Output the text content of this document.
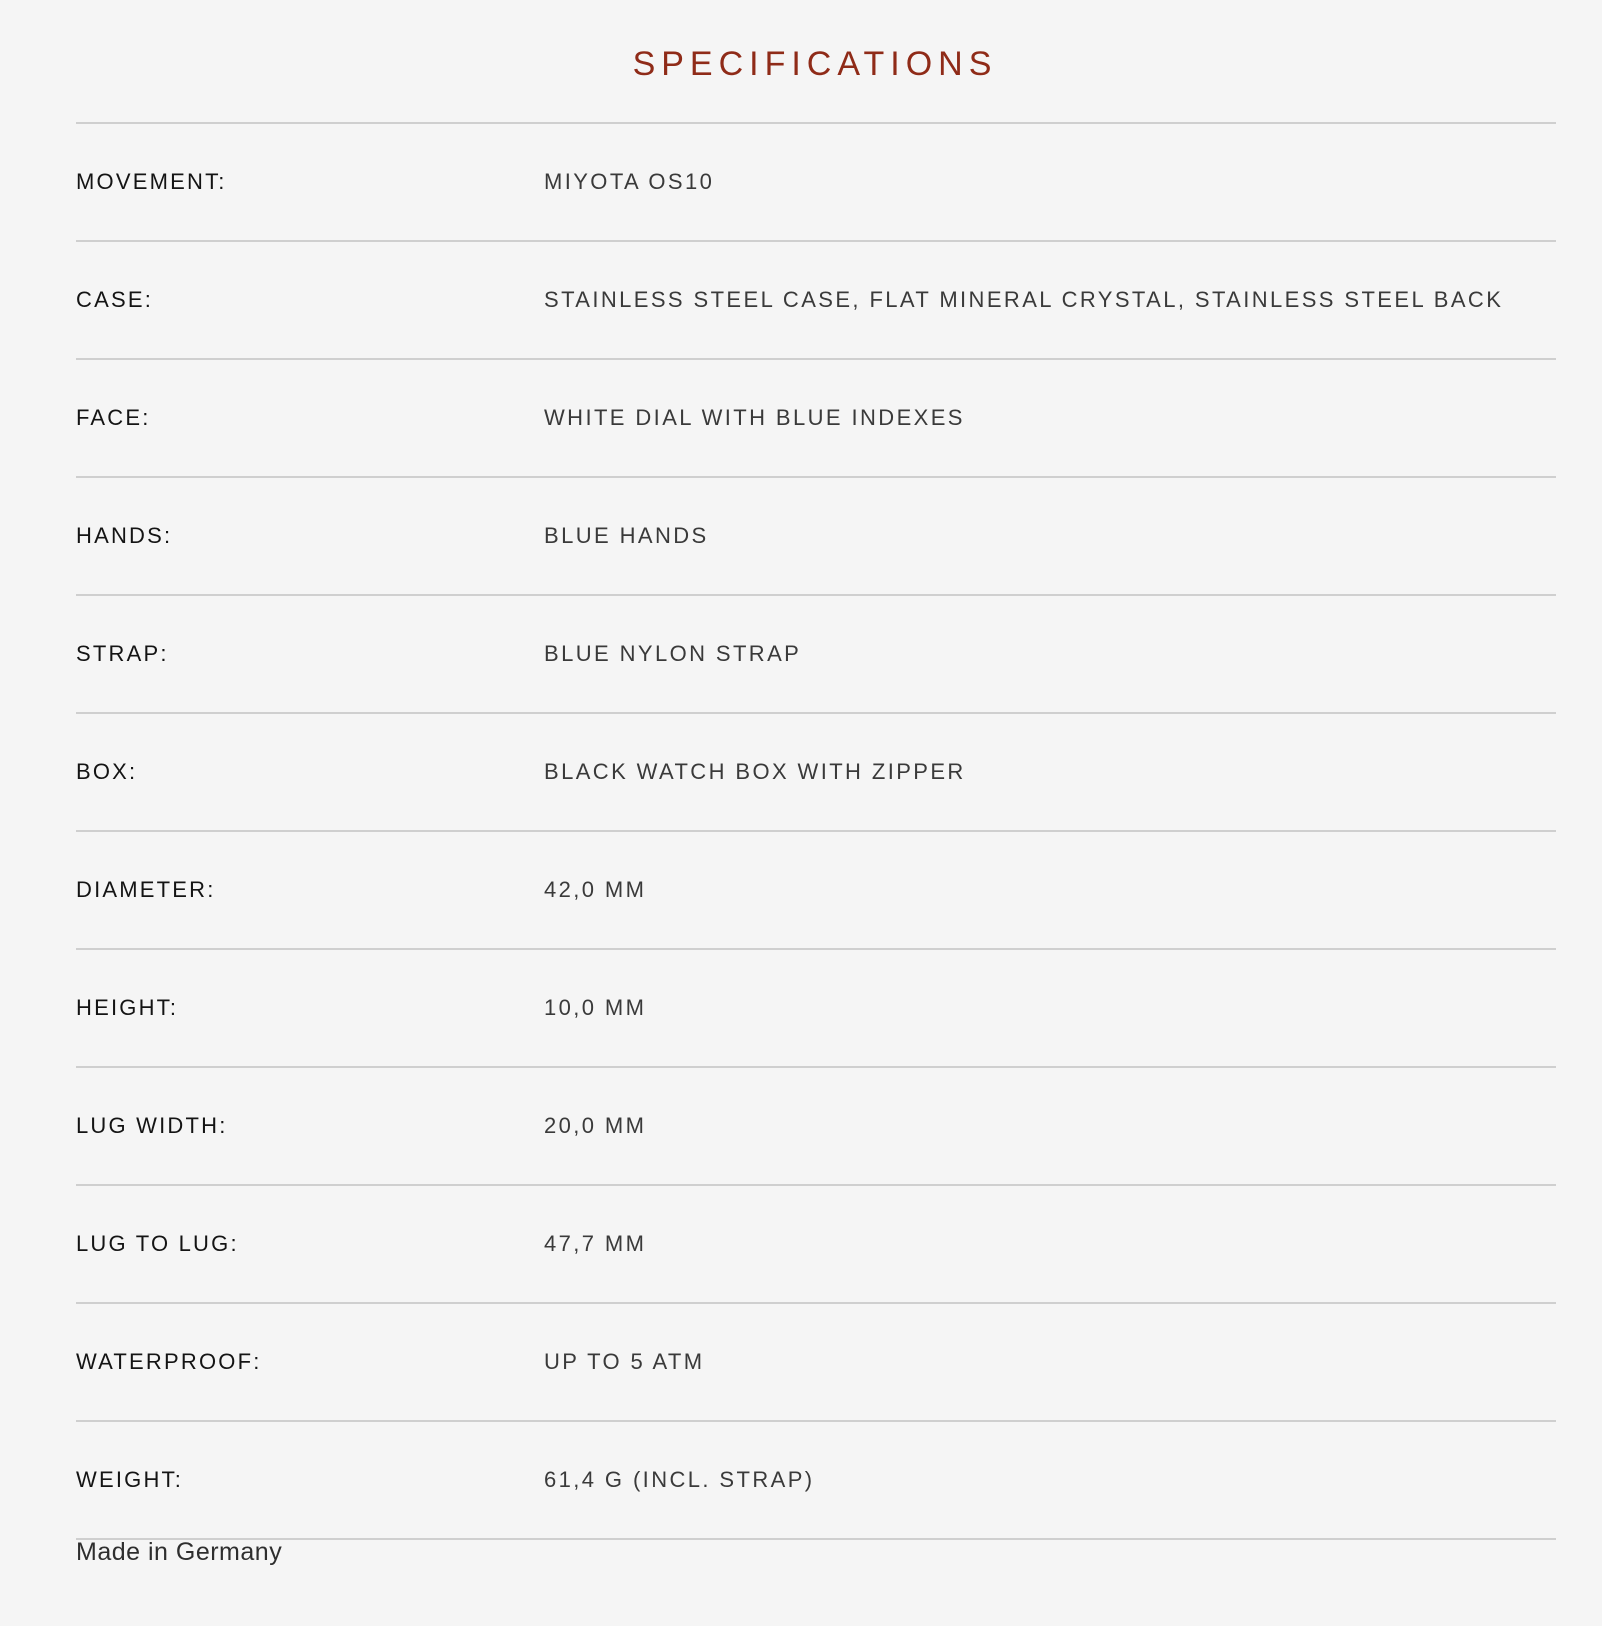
SPECIFICATIONS
MOVEMENT:	MIYOTA OS10
CASE:	STAINLESS STEEL CASE, FLAT MINERAL CRYSTAL, STAINLESS STEEL BACK
FACE:	WHITE DIAL WITH BLUE INDEXES
HANDS:	BLUE HANDS
STRAP:	BLUE NYLON STRAP
BOX:	BLACK WATCH BOX WITH ZIPPER
DIAMETER:	42,0 MM
HEIGHT:	10,0 MM
LUG WIDTH:	20,0 MM
LUG TO LUG:	47,7 MM
WATERPROOF:	UP TO 5 ATM
WEIGHT:	61,4 G (INCL. STRAP)
Made in Germany
